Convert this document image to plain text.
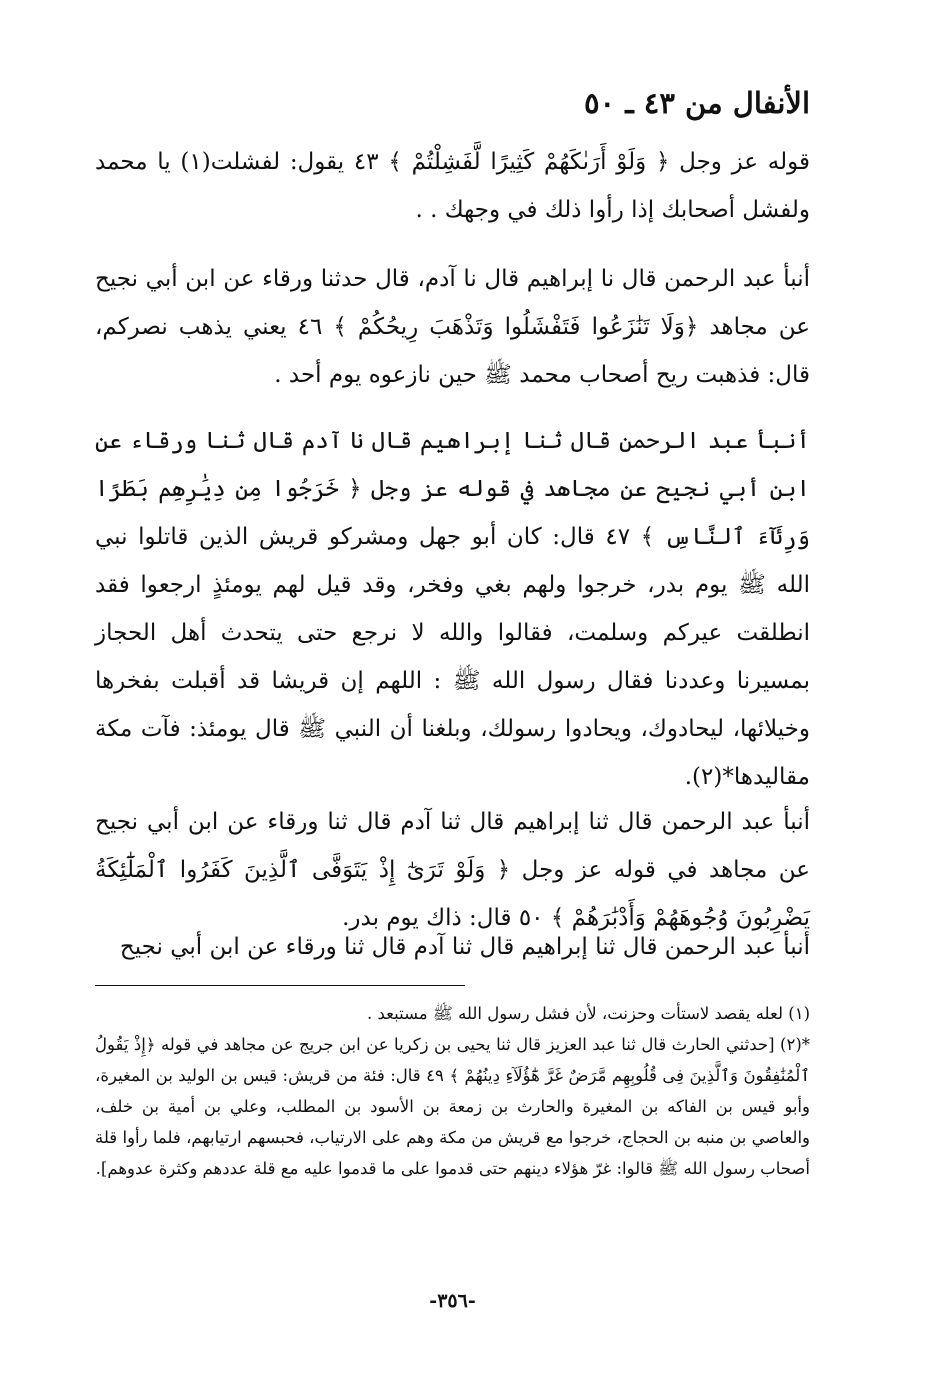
الأنفال من ٤٣ ـ ٥٠

قوله عز وجل ﴿ وَلَوْ أَرَىٰكَهُمْ كَثِيرًا لَّفَشِلْتُمْ ﴾ ٤٣ يقول: لفشلت(١) يا محمد ولفشل أصحابك إذا رأوا ذلك في وجهك . .

أنبأ عبد الرحمن قال نا إبراهيم قال نا آدم، قال حدثنا ورقاء عن ابن أبي نجيح عن مجاهد ﴿وَلَا تَنَٰزَعُوا فَتَفْشَلُوا وَتَذْهَبَ رِيحُكُمْ ﴾ ٤٦ يعني يذهب نصركم، قال: فذهبت ريح أصحاب محمد ﷺ حين نازعوه يوم أحد .

أنبأ عبد الرحمن قال ثنا إبراهيم قال نا آدم قال ثنا ورقاء عن ابن أبي نجيح عن مجاهد في قوله عز وجل ﴿ خَرَجُوا مِن دِيَٰرِهِم بَطَرًا وَرِئَآءَ ٱلنَّاسِ ﴾ ٤٧ قال: كان أبو جهل ومشركو قريش الذين قاتلوا نبي الله ﷺ يوم بدر، خرجوا ولهم بغي وفخر، وقد قيل لهم يومئذٍ ارجعوا فقد انطلقت عيركم وسلمت، فقالوا والله لا نرجع حتى يتحدث أهل الحجاز بمسيرنا وعددنا فقال رسول الله ﷺ : اللهم إن قريشا قد أقبلت بفخرها وخيلائها، ليحادوك، ويحادوا رسولك، وبلغنا أن النبي ﷺ قال يومئذ: فآت مكة مقاليدها*(٢).

أنبأ عبد الرحمن قال ثنا إبراهيم قال ثنا آدم قال ثنا ورقاء عن ابن أبي نجيح عن مجاهد في قوله عز وجل ﴿ وَلَوْ تَرَىٰٓ إِذْ يَتَوَفَّى ٱلَّذِينَ كَفَرُوا ٱلْمَلَٰٓئِكَةُ يَضْرِبُونَ وُجُوهَهُمْ وَأَدْبَٰرَهُمْ ﴾ ٥٠ قال: ذاك يوم بدر.

أنبأ عبد الرحمن قال ثنا إبراهيم قال ثنا آدم قال ثنا ورقاء عن ابن أبي نجيح

(١) لعله يقصد لاستأت وحزنت، لأن فشل رسول الله ﷺ مستبعد .

*(٢) [حدثني الحارث قال ثنا عبد العزيز قال ثنا يحيى بن زكريا عن ابن جريج عن مجاهد في قوله ﴿إِذْ يَقُولُ ٱلْمُنَٰفِقُونَ وَٱلَّذِينَ فِى قُلُوبِهِم مَّرَضٌ غَرَّ هَٰٓؤُلَآءِ دِينُهُمْ ﴾ ٤٩ قال: فئة من قريش: قيس بن الوليد بن المغيرة، وأبو قيس بن الفاكه بن المغيرة والحارث بن زمعة بن الأسود بن المطلب، وعلي بن أمية بن خلف، والعاصي بن منبه بن الحجاج، خرجوا مع قريش من مكة وهم على الارتياب، فحبسهم ارتيابهم، فلما رأوا قلة أصحاب رسول الله ﷺ قالوا: غرّ هؤلاء دينهم حتى قدموا على ما قدموا عليه مع قلة عددهم وكثرة عدوهم].

-٣٥٦-
